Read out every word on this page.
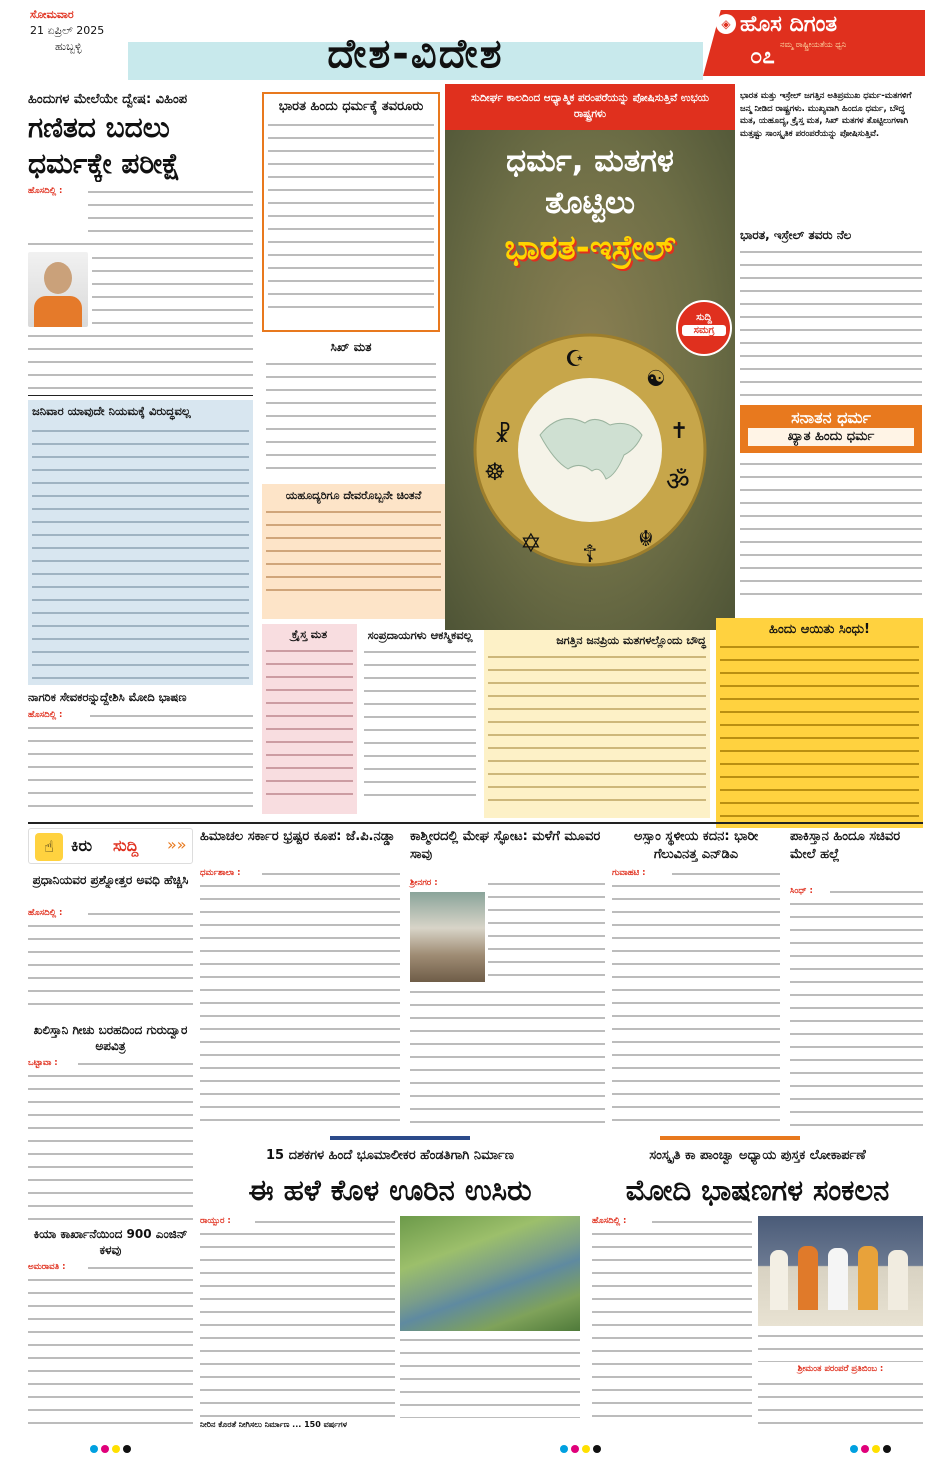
ಸೋಮವಾರ
21 ಏಪ್ರಿಲ್ 2025
ಹುಬ್ಬಳ್ಳಿ	ದೇಶ-ವಿದೇಶ
◈ ಹೊಸ ದಿಗಂತ
ನಮ್ಮ ರಾಷ್ಟ್ರೀಯತೆಯ ಧ್ವನಿ
೦೭
ಹಿಂದುಗಳ ಮೇಲೆಯೇ ದ್ವೇಷ: ವಿಹಿಂಪ
ಗಣಿತದ ಬದಲು ಧರ್ಮಕ್ಕೇ ಪರೀಕ್ಷೆ
ಹೊಸದಿಲ್ಲಿ :
ಜನಿವಾರ ಯಾವುದೇ ನಿಯಮಕ್ಕೆ ವಿರುದ್ಧವಲ್ಲ
ನಾಗರಿಕ ಸೇವಕರನ್ನುದ್ದೇಶಿಸಿ ಮೋದಿ ಭಾಷಣ
ಹೊಸದಿಲ್ಲಿ :
ಭಾರತ ಹಿಂದು ಧರ್ಮಕ್ಕೆ ತವರೂರು
ಸುದೀರ್ಘ ಕಾಲದಿಂದ ಆಧ್ಯಾತ್ಮಿಕ ಪರಂಪರೆಯನ್ನು ಪೋಷಿಸುತ್ತಿವೆ ಉಭಯ ರಾಷ್ಟ್ರಗಳು
ಧರ್ಮ, ಮತಗಳ ತೊಟ್ಟಿಲು
ಭಾರತ-ಇಸ್ರೇಲ್
ಸುದ್ದಿ
ಸಮಗ್ರ
☧
☪
☯
☸
✝
ॐ
✡ ☦
☬
ಸಿಖ್ ಮತ
ಯಹೂದ್ಯರಿಗೂ ದೇವರೊಬ್ಬನೇ ಚಿಂತನೆ
ಕ್ರೈಸ್ತ ಮತ	ಸಂಪ್ರದಾಯಗಳು ಆಕಸ್ಮಿಕವಲ್ಲ	ಜಗತ್ತಿನ ಜನಪ್ರಿಯ ಮತಗಳಲ್ಲೊಂದು ಬೌದ್ಧ
ಭಾರತ ಮತ್ತು ಇಸ್ರೇಲ್ ಜಗತ್ತಿನ ಅತಿಪ್ರಮುಖ ಧರ್ಮ-ಮತಗಳಿಗೆ ಜನ್ಮ ನೀಡಿದ ರಾಷ್ಟ್ರಗಳು. ಮುಖ್ಯವಾಗಿ ಹಿಂದೂ ಧರ್ಮ, ಬೌದ್ಧ ಮತ, ಯಹೂದ್ಯ, ಕ್ರೈಸ್ತ ಮತ, ಸಿಖ್ ಮತಗಳ ತೊಟ್ಟಿಲುಗಳಾಗಿ ಮತ್ತಷ್ಟು ಸಾಂಸ್ಕೃತಿಕ ಪರಂಪರೆಯನ್ನು ಪೋಷಿಸುತ್ತಿವೆ.
ಭಾರತ, ಇಸ್ರೇಲ್ ತವರು ನೆಲ
ಸನಾತನ ಧರ್ಮ
ಖ್ಯಾತ ಹಿಂದು ಧರ್ಮ
ಹಿಂದು ಆಯಿತು ಸಿಂಧು!
☝	ಕಿರು ಸುದ್ದಿ »»
ಪ್ರಧಾನಿಯವರ ಪ್ರಶ್ನೋತ್ತರ ಅವಧಿ ಹೆಚ್ಚಿಸಿ
ಹೊಸದಿಲ್ಲಿ :
ಖಲಿಸ್ತಾನಿ ಗೀಚು ಬರಹದಿಂದ ಗುರುದ್ವಾರ ಅಪವಿತ್ರ
ಒಟ್ಟಾವಾ :
ಕಿಯಾ ಕಾರ್ಖಾನೆಯಿಂದ 900 ಎಂಜಿನ್ ಕಳವು
ಅಮರಾವತಿ :
ಹಿಮಾಚಲ ಸರ್ಕಾರ ಭ್ರಷ್ಟರ ಕೂಪ: ಜೆ.ಪಿ.ನಡ್ಡಾ
ಧರ್ಮಶಾಲಾ :
ಕಾಶ್ಮೀರದಲ್ಲಿ ಮೇಘ ಸ್ಫೋಟ: ಮಳೆಗೆ ಮೂವರ ಸಾವು
ಶ್ರೀನಗರ :
ಅಸ್ಸಾಂ ಸ್ಥಳೀಯ ಕದನ: ಭಾರೀ ಗೆಲುವಿನತ್ತ ಎನ್‌ಡಿಎ
ಗುವಾಹಟಿ :
ಪಾಕಿಸ್ತಾನ ಹಿಂದೂ ಸಚಿವರ ಮೇಲೆ ಹಲ್ಲೆ
ಸಿಂಧ್ :
15 ದಶಕಗಳ ಹಿಂದೆ ಭೂಮಾಲೀಕರ ಹೆಂಡತಿಗಾಗಿ ನಿರ್ಮಾಣ
ಈ ಹಳೆ ಕೊಳ ಊರಿನ ಉಸಿರು
ರಾಯ್ಪುರ :
ನೀರಿನ ಕೊರತೆ ನೀಗಿಸಲು ನಿರ್ಮಾಣ ... 150 ವರ್ಷಗಳ
ಸಂಸ್ಕೃತಿ ಕಾ ಪಾಂಚ್ವಾ ಅಧ್ಯಾಯ ಪುಸ್ತಕ ಲೋಕಾರ್ಪಣೆ
ಮೋದಿ ಭಾಷಣಗಳ ಸಂಕಲನ
ಹೊಸದಿಲ್ಲಿ :
ಶ್ರೀಮಂತ ಪರಂಪರೆ ಪ್ರತಿಬಿಂಬ :
